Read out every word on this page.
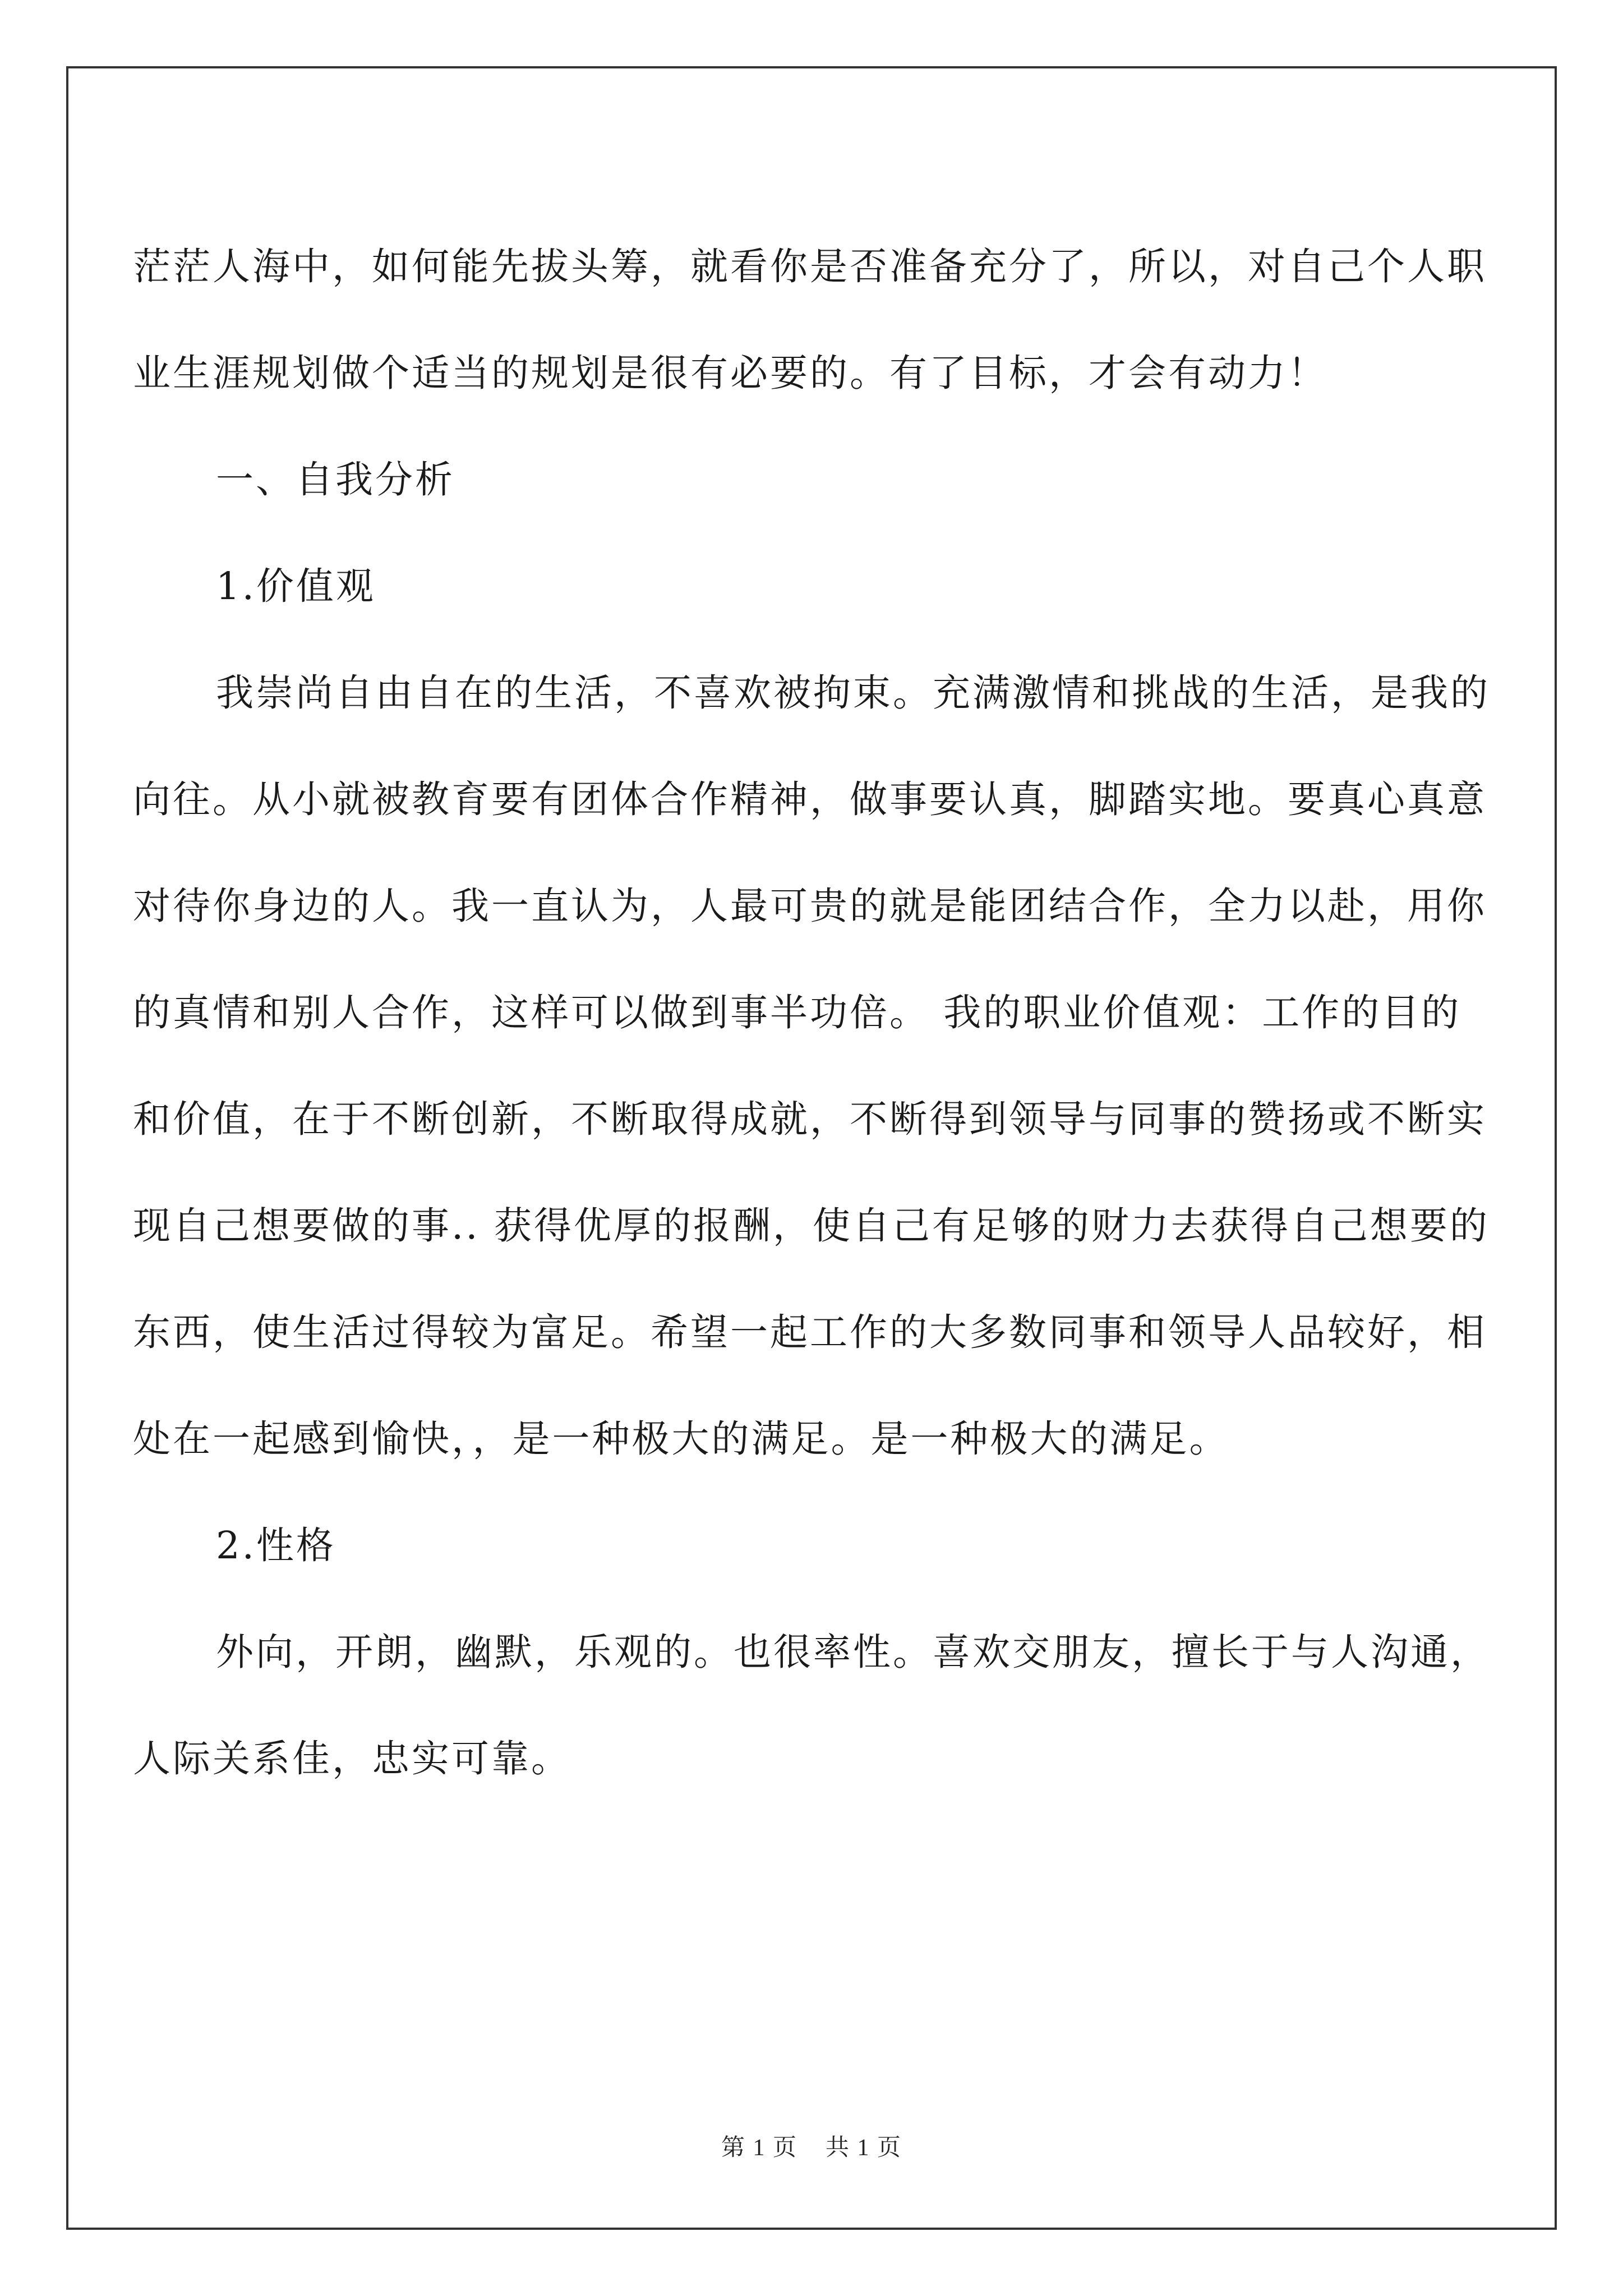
茫茫人海中，如何能先拔头筹，就看你是否准备充分了，所以，对自己个人职业生涯规划做个适当的规划是很有必要的。有了目标，才会有动力！

一、自我分析

1.价值观

我崇尚自由自在的生活，不喜欢被拘束。充满激情和挑战的生活，是我的向往。从小就被教育要有团体合作精神，做事要认真，脚踏实地。要真心真意对待你身边的人。我一直认为，人最可贵的就是能团结合作，全力以赴，用你的真情和别人合作，这样可以做到事半功倍。 我的职业价值观：工作的目的和价值，在于不断创新，不断取得成就，不断得到领导与同事的赞扬或不断实现自己想要做的事.. 获得优厚的报酬，使自己有足够的财力去获得自己想要的东西，使生活过得较为富足。希望一起工作的大多数同事和领导人品较好，相处在一起感到愉快，，是一种极大的满足。是一种极大的满足。

2.性格

外向，开朗，幽默，乐观的。也很率性。喜欢交朋友，擅长于与人沟通，人际关系佳，忠实可靠。

第 1 页 共 1 页
